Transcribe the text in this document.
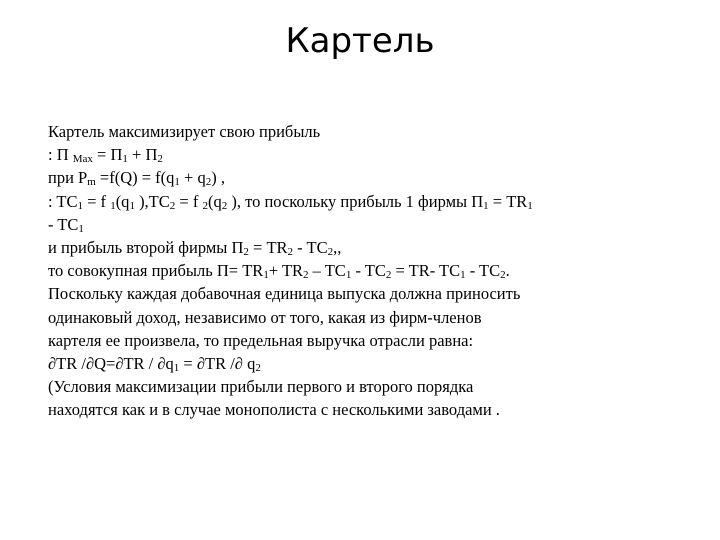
Картель
Картель максимизирует свою прибыль
: П $_{Max} = П_1 + П_2$
при $P_m =f(Q) = f(q_1 + q_2)$ ,
: $TC_1 = f$ $_1(q_1$ )$,TC_2 = f$ $_2(q_2$ ), то поскольку прибыль 1 фирмы $П_1 = TR_1$
- $TC_1$
и прибыль второй фирмы $П_2 = TR_2 - TC_2$,,
то совокупная прибыль $П= TR_1+ TR_2 - TC_1 - TC_2 = TR-$ $TC_1 - TC_2$.
Поскольку каждая добавочная единица выпуска должна приносить
одинаковый доход, независимо от того, какая из фирм-членов
картеля ее произвела, то предельная выручка отрасли равна:
∂TR $/\partial Q=\partial TR / \partial q_1 = \partial TR$ /∂ $q_2$
(Условия максимизации прибыли первого и второго порядка
находятся как и в случае монополиста с несколькими заводами .
